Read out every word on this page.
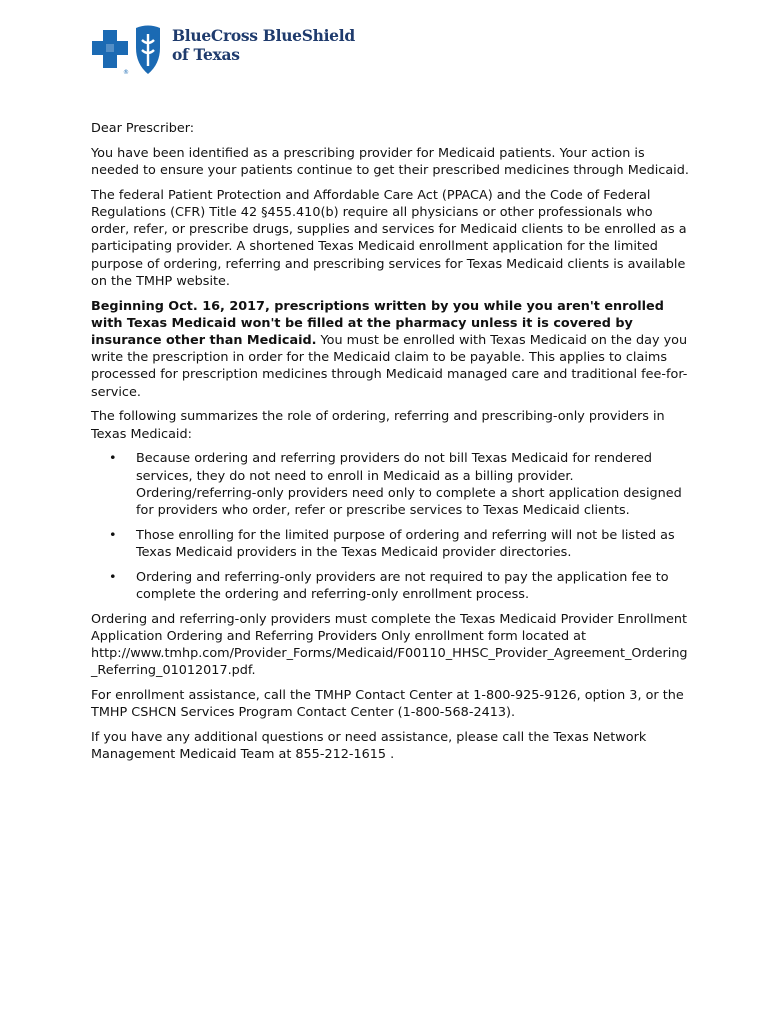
®
BlueCross BlueShield
of Texas

Dear Prescriber:

You have been identified as a prescribing provider for Medicaid patients. Your action is needed to ensure your patients continue to get their prescribed medicines through Medicaid.

The federal Patient Protection and Affordable Care Act (PPACA) and the Code of Federal Regulations (CFR) Title 42 §455.410(b) require all physicians or other professionals who order, refer, or prescribe drugs, supplies and services for Medicaid clients to be enrolled as a participating provider. A shortened Texas Medicaid enrollment application for the limited purpose of ordering, referring and prescribing services for Texas Medicaid clients is available on the TMHP website.

Beginning Oct. 16, 2017, prescriptions written by you while you aren't enrolled with Texas Medicaid won't be filled at the pharmacy unless it is covered by insurance other than Medicaid. You must be enrolled with Texas Medicaid on the day you write the prescription in order for the Medicaid claim to be payable. This applies to claims processed for prescription medicines through Medicaid managed care and traditional fee-for-service.

The following summarizes the role of ordering, referring and prescribing-only providers in Texas Medicaid:

• Because ordering and referring providers do not bill Texas Medicaid for rendered services, they do not need to enroll in Medicaid as a billing provider. Ordering/referring-only providers need only to complete a short application designed for providers who order, refer or prescribe services to Texas Medicaid clients.
• Those enrolling for the limited purpose of ordering and referring will not be listed as Texas Medicaid providers in the Texas Medicaid provider directories.
• Ordering and referring-only providers are not required to pay the application fee to complete the ordering and referring-only enrollment process.

Ordering and referring-only providers must complete the Texas Medicaid Provider Enrollment Application Ordering and Referring Providers Only enrollment form located at
http://www.tmhp.com/Provider_Forms/Medicaid/F00110_HHSC_Provider_Agreement_Ordering_Referring_01012017.pdf.

For enrollment assistance, call the TMHP Contact Center at 1-800-925-9126, option 3, or the TMHP CSHCN Services Program Contact Center (1-800-568-2413).

If you have any additional questions or need assistance, please call the Texas Network Management Medicaid Team at 855-212-1615 .
